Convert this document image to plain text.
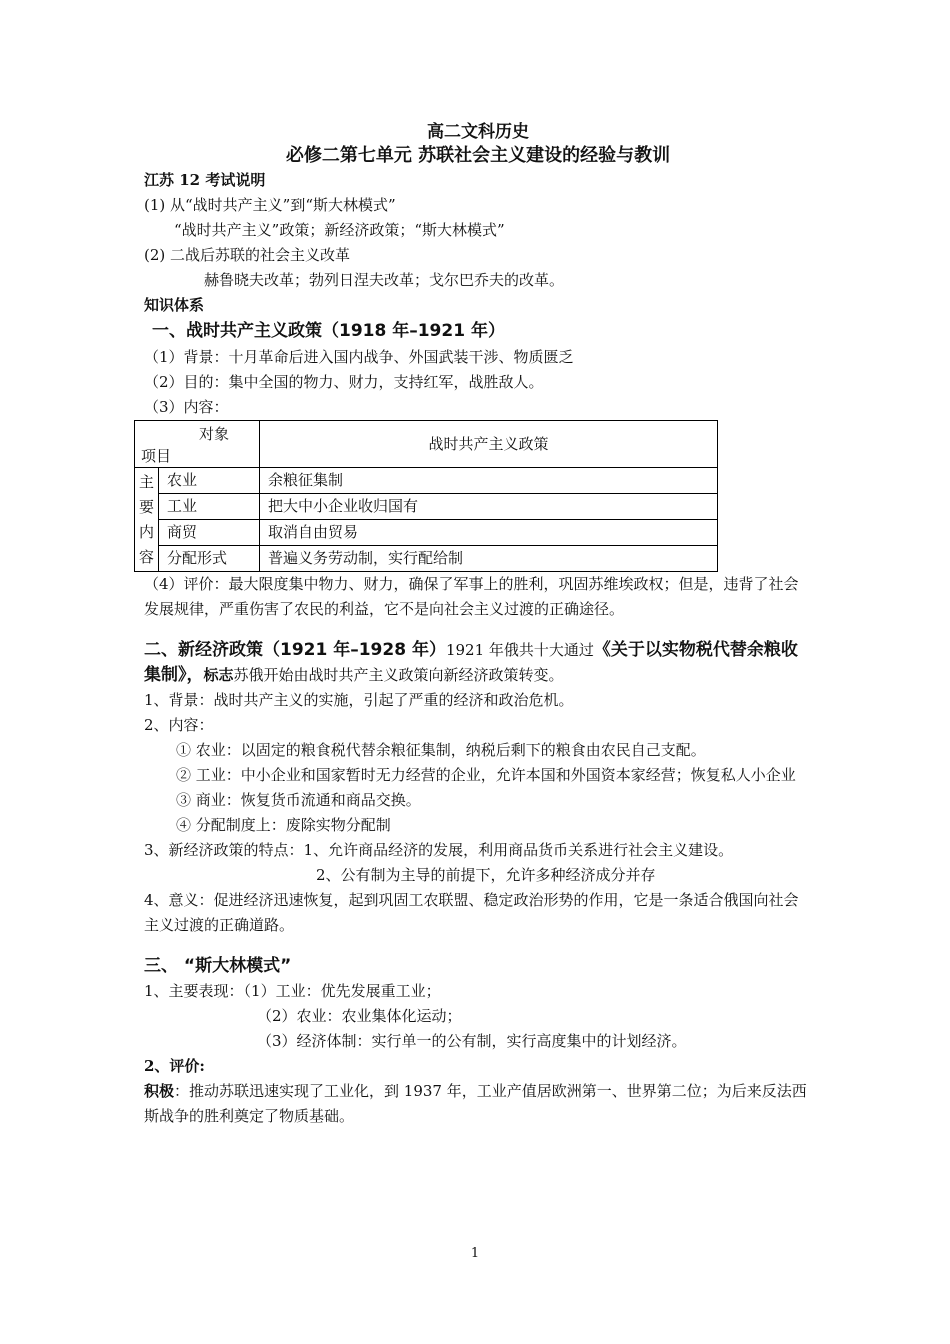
高二文科历史
必修二第七单元 苏联社会主义建设的经验与教训
江苏 12 考试说明
(1) 从“战时共产主义”到“斯大林模式”
“战时共产主义”政策；新经济政策；“斯大林模式”
(2) 二战后苏联的社会主义改革
赫鲁晓夫改革；勃列日涅夫改革；戈尔巴乔夫的改革。
知识体系
一、战时共产主义政策（1918 年–1921 年）
（1）背景：十月革命后进入国内战争、外国武装干涉、物质匮乏
（2）目的：集中全国的物力、财力，支持红军，战胜敌人。
（3）内容：
对象
项目		战时共产主义政策

主
要
内
容	农业	余粮征集制
	工业	把大中小企业收归国有
	商贸	取消自由贸易
	分配形式	普遍义务劳动制，实行配给制
（4）评价：最大限度集中物力、财力，确保了军事上的胜利，巩固苏维埃政权；但是，违背了社会发展规律，严重伤害了农民的利益，它不是向社会主义过渡的正确途径。
二、新经济政策（1921 年–1928 年）1921 年俄共十大通过《关于以实物税代替余粮收集制》，标志苏俄开始由战时共产主义政策向新经济政策转变。
1、背景：战时共产主义的实施，引起了严重的经济和政治危机。
2、内容：
① 农业：以固定的粮食税代替余粮征集制，纳税后剩下的粮食由农民自己支配。
② 工业：中小企业和国家暂时无力经营的企业，允许本国和外国资本家经营；恢复私人小企业
③ 商业：恢复货币流通和商品交换。
④ 分配制度上：废除实物分配制
3、新经济政策的特点：1、允许商品经济的发展，利用商品货币关系进行社会主义建设。
2、公有制为主导的前提下，允许多种经济成分并存
4、意义：促进经济迅速恢复，起到巩固工农联盟、稳定政治形势的作用，它是一条适合俄国向社会主义过渡的正确道路。
三、 “斯大林模式”
1、主要表现：（1）工业：优先发展重工业；
（2）农业：农业集体化运动；
（3）经济体制：实行单一的公有制，实行高度集中的计划经济。
2、评价:
积极：推动苏联迅速实现了工业化，到 1937 年，工业产值居欧洲第一、世界第二位；为后来反法西斯战争的胜利奠定了物质基础。
1
